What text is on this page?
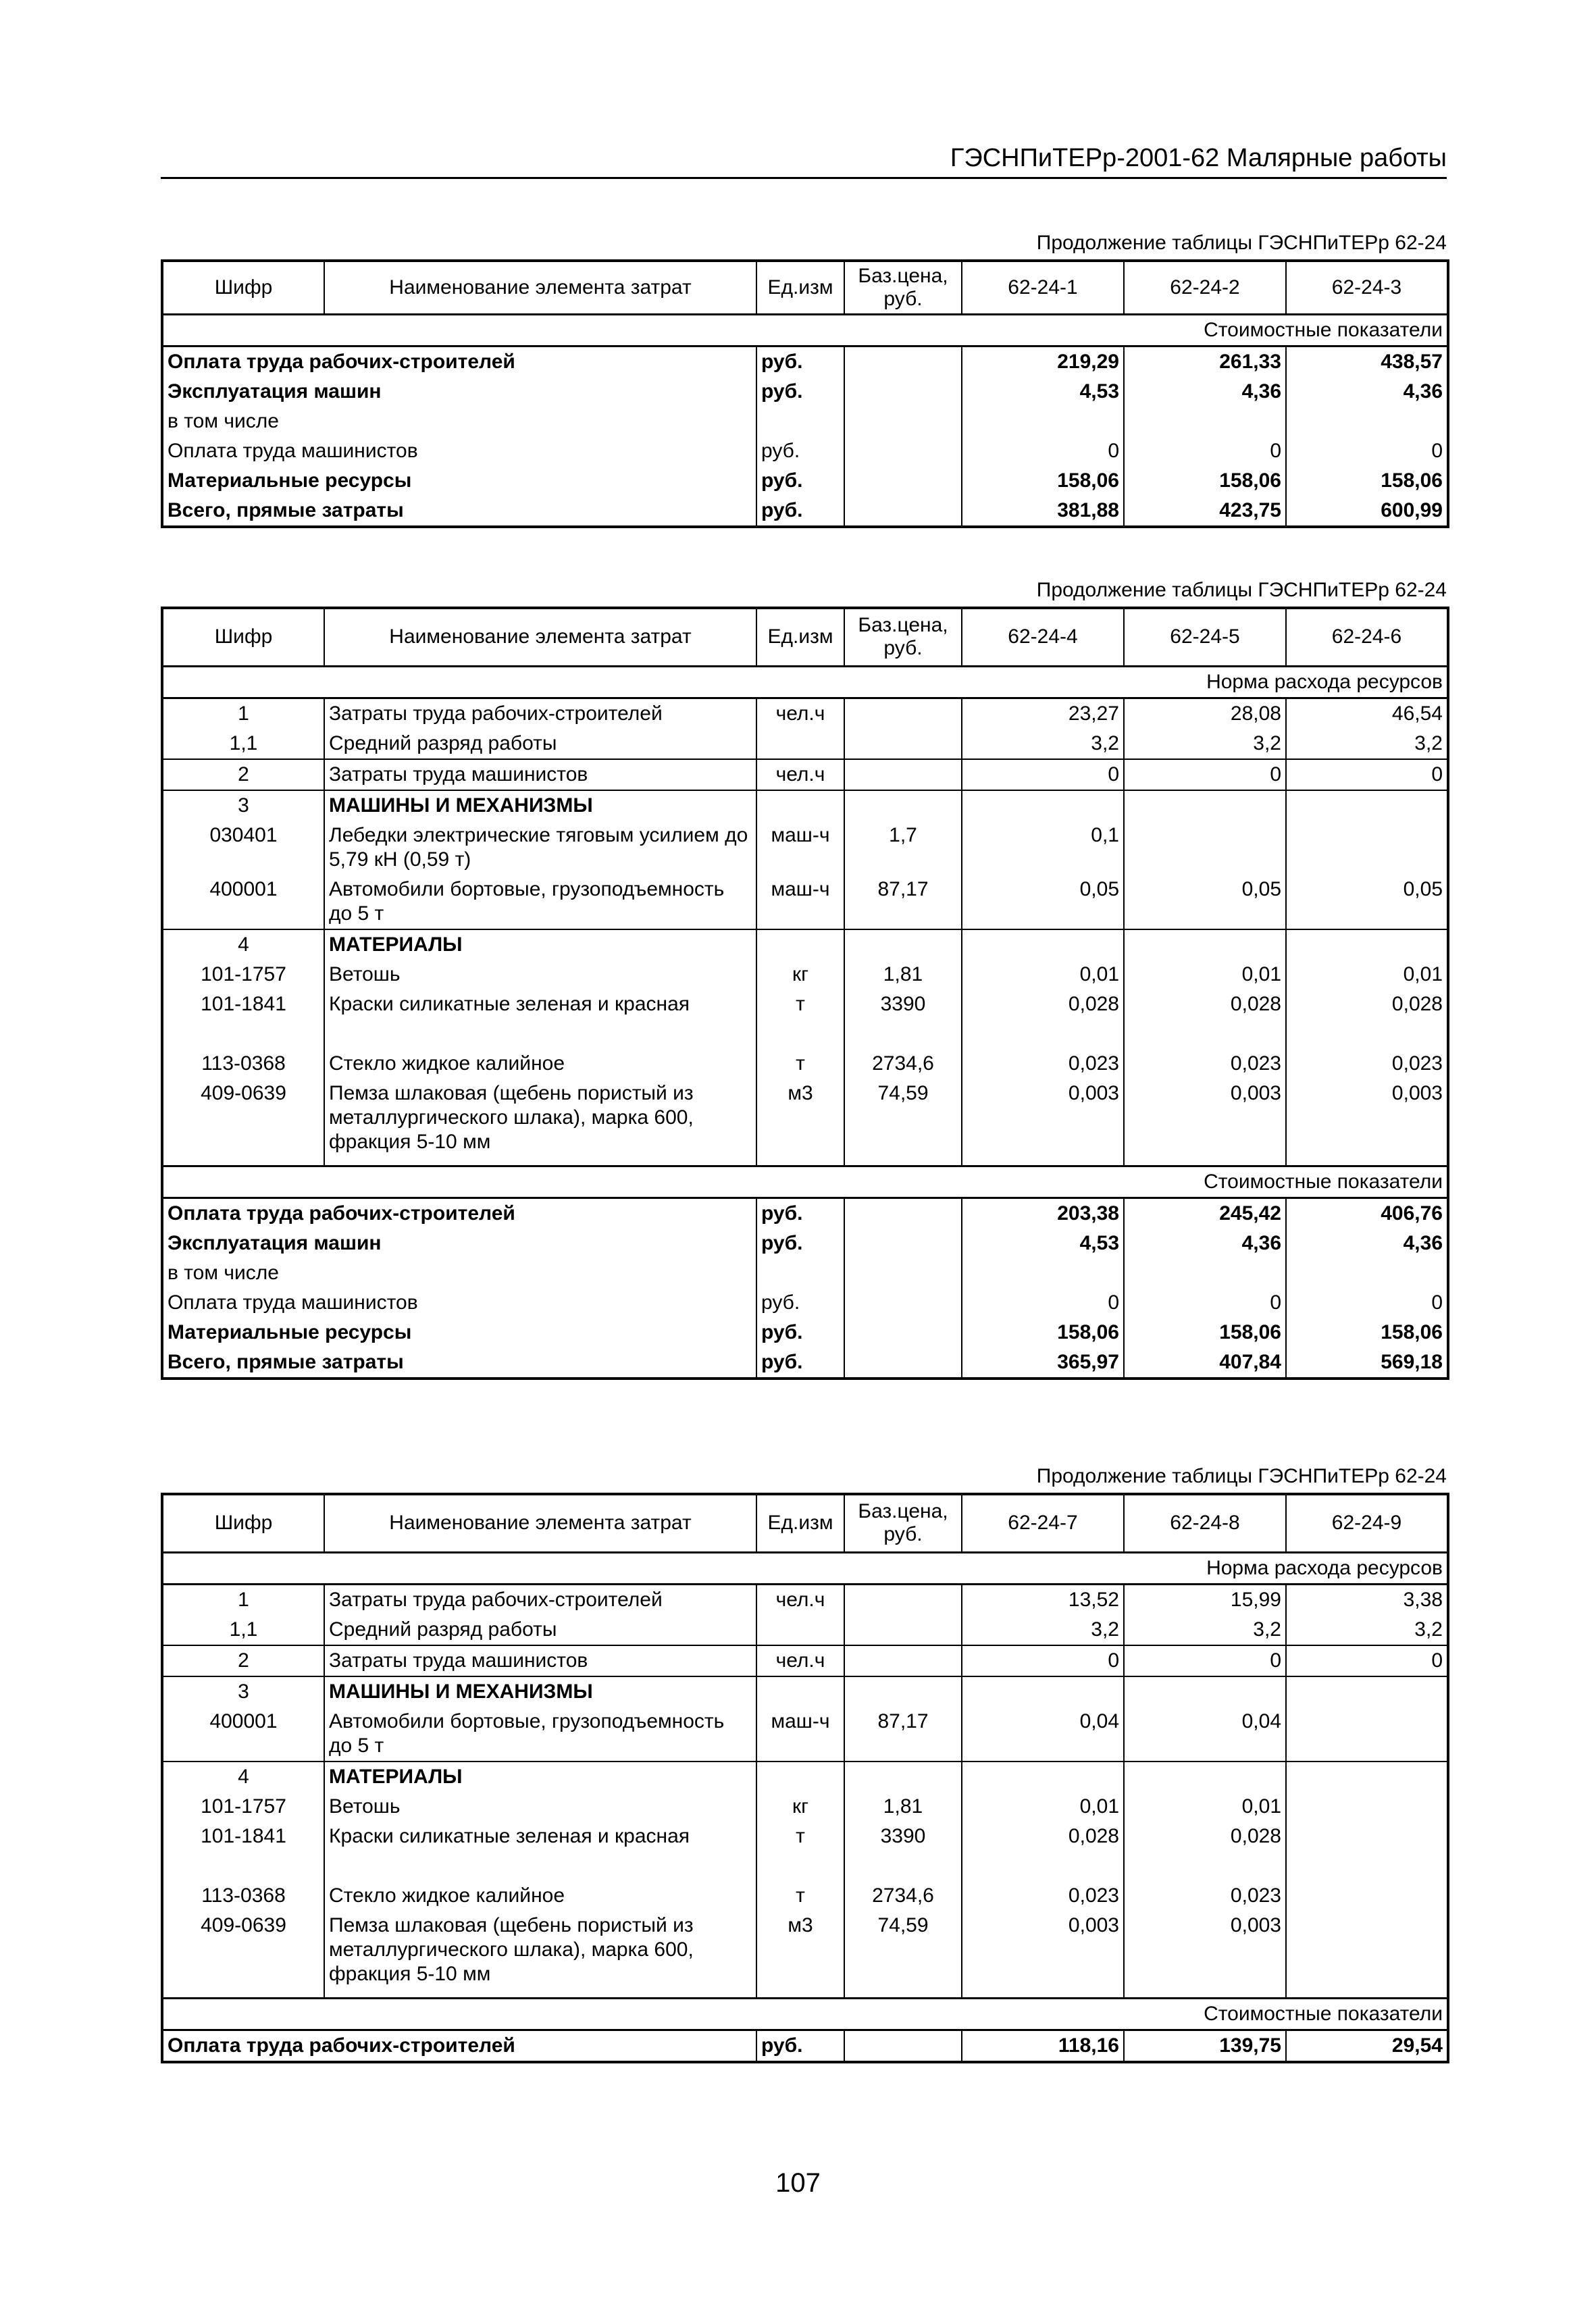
ГЭСНПиТЕРр-2001-62 Малярные работы
Продолжение таблицы ГЭСНПиТЕРр 62-24
Шифр	Наименование элемента затрат	Ед.изм	Баз.цена, руб.	62-24-1	62-24-2	62-24-3
Стоимостные показатели						
Оплата труда рабочих-строителей		руб.		219,29	261,33	438,57
Эксплуатация машин		руб.		4,53	4,36	4,36
в том числе						
Оплата труда машинистов		руб.		0	0	0
Материальные ресурсы		руб.		158,06	158,06	158,06
Всего, прямые затраты		руб.		381,88	423,75	600,99
Продолжение таблицы ГЭСНПиТЕРр 62-24
Шифр	Наименование элемента затрат	Ед.изм	Баз.цена, руб.	62-24-4	62-24-5	62-24-6
Норма расхода ресурсов						
1	Затраты труда рабочих-строителей	чел.ч		23,27	28,08	46,54
1,1	Средний разряд работы			3,2	3,2	3,2
2	Затраты труда машинистов	чел.ч		0	0	0
3	МАШИНЫ И МЕХАНИЗМЫ					
030401	Лебедки электрические тяговым усилием до 5,79 кН (0,59 т)	маш-ч	1,7	0,1		
400001	Автомобили бортовые, грузоподъемность до 5 т	маш-ч	87,17	0,05	0,05	0,05
4	МАТЕРИАЛЫ					
101-1757	Ветошь	кг	1,81	0,01	0,01	0,01
101-1841	Краски силикатные зеленая и красная	т	3390	0,028	0,028	0,028
113-0368	Стекло жидкое калийное	т	2734,6	0,023	0,023	0,023
409-0639	Пемза шлаковая (щебень пористый из металлургического шлака), марка 600, фракция 5-10 мм	м3	74,59	0,003	0,003	0,003
Стоимостные показатели						
Оплата труда рабочих-строителей		руб.		203,38	245,42	406,76
Эксплуатация машин		руб.		4,53	4,36	4,36
в том числе						
Оплата труда машинистов		руб.		0	0	0
Материальные ресурсы		руб.		158,06	158,06	158,06
Всего, прямые затраты		руб.		365,97	407,84	569,18
Продолжение таблицы ГЭСНПиТЕРр 62-24
Шифр	Наименование элемента затрат	Ед.изм	Баз.цена, руб.	62-24-7	62-24-8	62-24-9
Норма расхода ресурсов						
1	Затраты труда рабочих-строителей	чел.ч		13,52	15,99	3,38
1,1	Средний разряд работы			3,2	3,2	3,2
2	Затраты труда машинистов	чел.ч		0	0	0
3	МАШИНЫ И МЕХАНИЗМЫ					
400001	Автомобили бортовые, грузоподъемность до 5 т	маш-ч	87,17	0,04	0,04	
4	МАТЕРИАЛЫ					
101-1757	Ветошь	кг	1,81	0,01	0,01	
101-1841	Краски силикатные зеленая и красная	т	3390	0,028	0,028	
113-0368	Стекло жидкое калийное	т	2734,6	0,023	0,023	
409-0639	Пемза шлаковая (щебень пористый из металлургического шлака), марка 600, фракция 5-10 мм	м3	74,59	0,003	0,003	
Стоимостные показатели						
Оплата труда рабочих-строителей		руб.		118,16	139,75	29,54
107
